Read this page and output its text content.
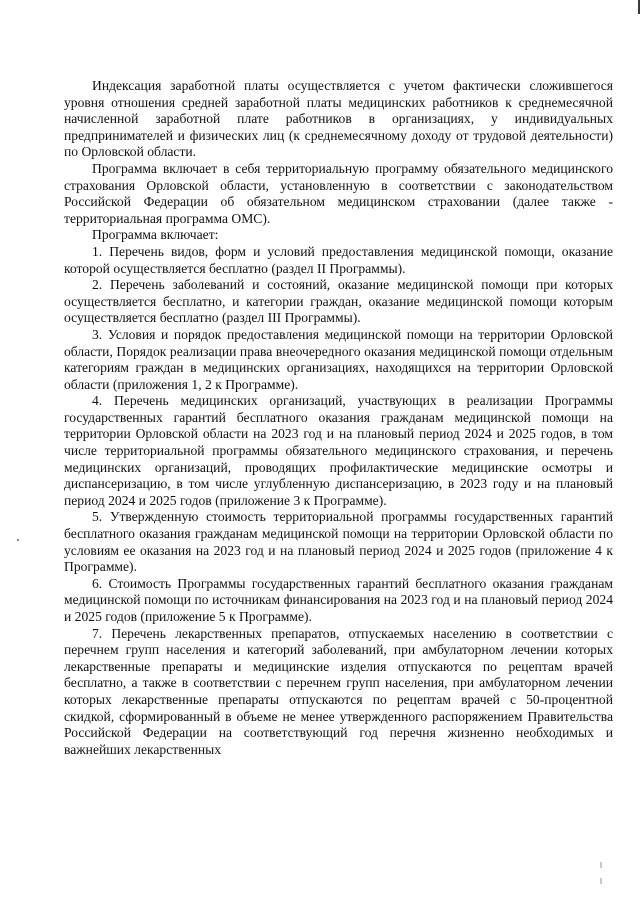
Индексация заработной платы осуществляется с учетом фактически сложившегося уровня отношения средней заработной платы медицинских работников к среднемесячной начисленной заработной плате работников в организациях, у индивидуальных предпринимателей и физических лиц (к среднемесячному доходу от трудовой деятельности) по Орловской области.

Программа включает в себя территориальную программу обязательного медицинского страхования Орловской области, установленную в соответствии с законодательством Российской Федерации об обязательном медицинском страховании (далее также - территориальная программа ОМС).

Программа включает:

1. Перечень видов, форм и условий предоставления медицинской помощи, оказание которой осуществляется бесплатно (раздел II Программы).

2. Перечень заболеваний и состояний, оказание медицинской помощи при которых осуществляется бесплатно, и категории граждан, оказание медицинской помощи которым осуществляется бесплатно (раздел III Программы).

3. Условия и порядок предоставления медицинской помощи на территории Орловской области, Порядок реализации права внеочередного оказания медицинской помощи отдельным категориям граждан в медицинских организациях, находящихся на территории Орловской области (приложения 1, 2 к Программе).

4. Перечень медицинских организаций, участвующих в реализации Программы государственных гарантий бесплатного оказания гражданам медицинской помощи на территории Орловской области на 2023 год и на плановый период 2024 и 2025 годов, в том числе территориальной программы обязательного медицинского страхования, и перечень медицинских организаций, проводящих профилактические медицинские осмотры и диспансеризацию, в том числе углубленную диспансеризацию, в 2023 году и на плановый период 2024 и 2025 годов (приложение 3 к Программе).

5. Утвержденную стоимость территориальной программы государственных гарантий бесплатного оказания гражданам медицинской помощи на территории Орловской области по условиям ее оказания на 2023 год и на плановый период 2024 и 2025 годов (приложение 4 к Программе).

6. Стоимость Программы государственных гарантий бесплатного оказания гражданам медицинской помощи по источникам финансирования на 2023 год и на плановый период 2024 и 2025 годов (приложение 5 к Программе).

7. Перечень лекарственных препаратов, отпускаемых населению в соответствии с перечнем групп населения и категорий заболеваний, при амбулаторном лечении которых лекарственные препараты и медицинские изделия отпускаются по рецептам врачей бесплатно, а также в соответствии с перечнем групп населения, при амбулаторном лечении которых лекарственные препараты отпускаются по рецептам врачей с 50-процентной скидкой, сформированный в объеме не менее утвержденного распоряжением Правительства Российской Федерации на соответствующий год перечня жизненно необходимых и важнейших лекарственных
